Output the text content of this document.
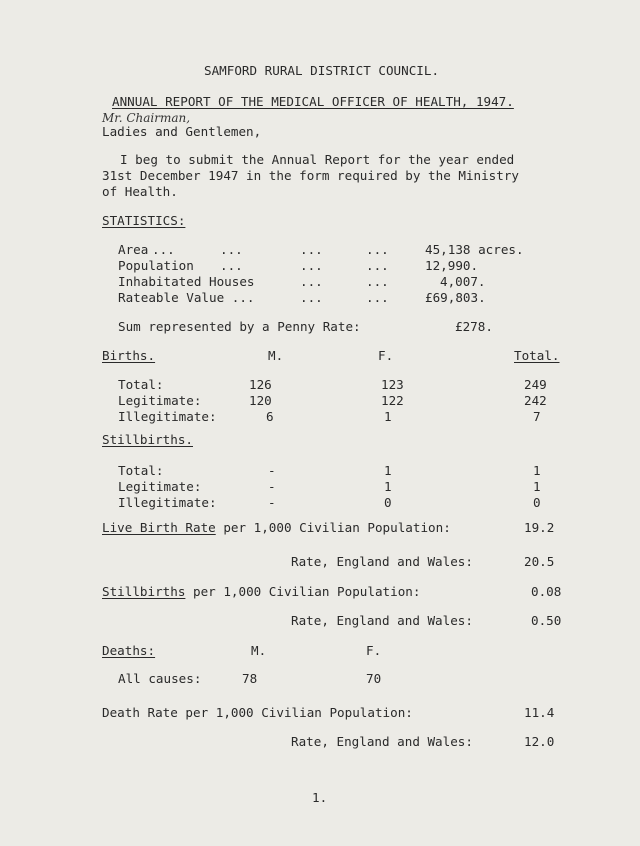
SAMFORD RURAL DISTRICT COUNCIL.
ANNUAL REPORT OF THE MEDICAL OFFICER OF HEALTH, 1947.
Mr. Chairman,
Ladies and Gentlemen,
I beg to submit the Annual Report for the year ended
31st December 1947 in the form required by the Ministry
of Health.
STATISTICS:
Area ...	...	...	...	45,138 acres.
Population ...	...	...	12,990.
Inhabitated Houses	...	...	4,007.
Rateable Value ...	...	...	£69,803.
Sum represented by a Penny Rate:	£278.
Births.	M.	F.	Total.
Total:	126	123	249
Legitimate:	120	122	242
Illegitimate:	6	1	7
Stillbirths.
Total:	-	1	1
Legitimate:	-	1	1
Illegitimate:	-	0	0
Live Birth Rate per 1,000 Civilian Population:	19.2
Rate, England and Wales:	20.5
Stillbirths per 1,000 Civilian Population:	0.08
Rate, England and Wales:	0.50
Deaths:	M.	F.
All causes:	78	70
Death Rate per 1,000 Civilian Population:	11.4
Rate, England and Wales:	12.0
1.
